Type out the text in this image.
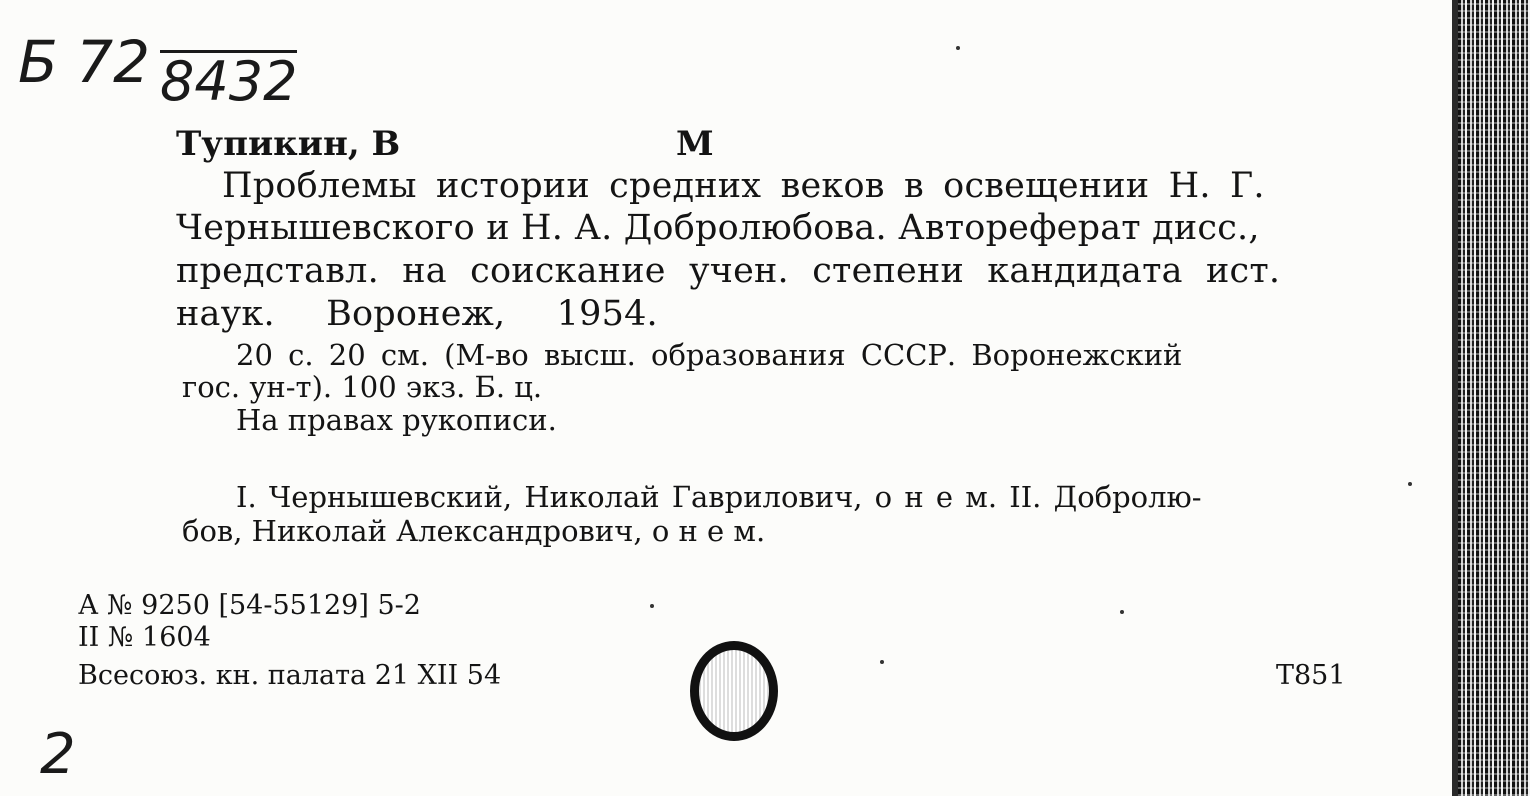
Б 72 8432
Тупикин, В	М
Проблемы истории средних веков в освещении Н. Г.
Чернышевского и Н. А. Добролюбова. Автореферат дисс.,
представл. на соискание учен. степени кандидата ист.
наук. Воронеж, 1954.
20 с. 20 см. (М-во высш. образования СССР. Воронежский
гос. ун-т). 100 экз. Б. ц.
На правах рукописи.
I. Чернышевский, Николай Гаврилович, о н е м. II. Добролю-
бов, Николай Александрович, о н е м.
А № 9250 [54-55129] 5-2
II № 1604
Всесоюз. кн. палата 21 XII 54	Т851
2
